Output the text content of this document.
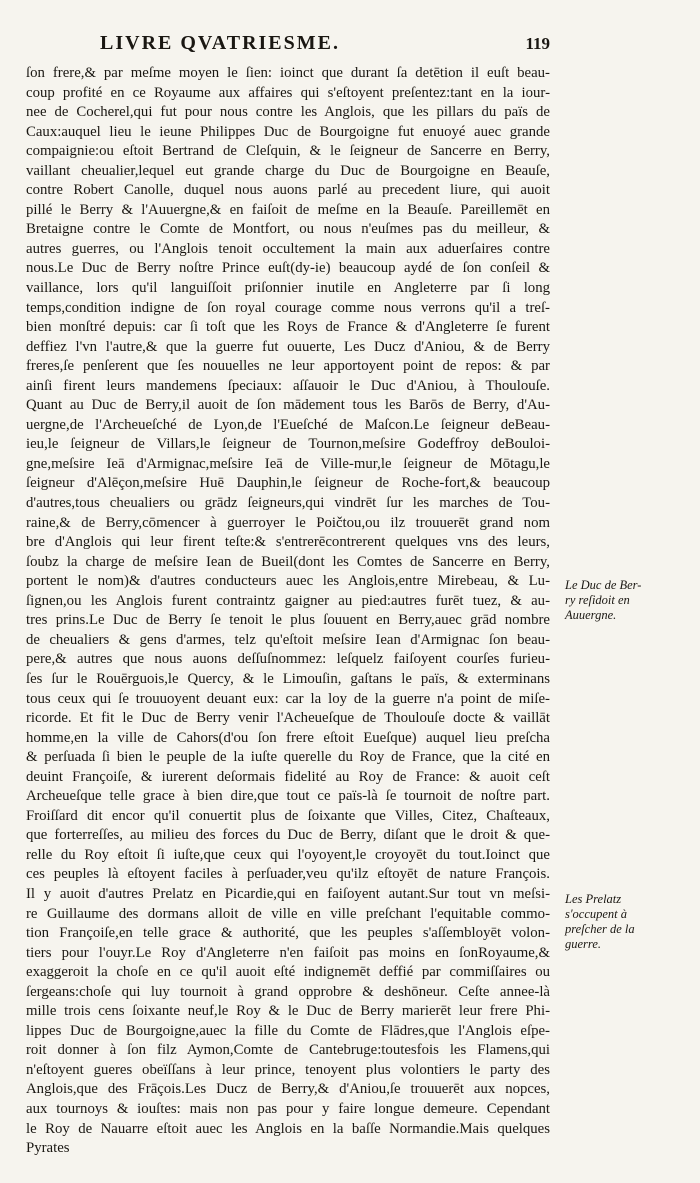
LIVRE QVATRIESME.	119
ſon frere,& par meſme moyen le ſien: ioinct que durant ſa detētion il euſt beau-
coup profité en ce Royaume aux affaires qui s'eſtoyent preſentez:tant en la iour-
nee de Cocherel,qui fut pour nous contre les Anglois, que les pillars du païs de
Caux:auquel lieu le ieune Philippes Duc de Bourgoigne fut enuoyé auec grande
compaignie:ou eſtoit Bertrand de Cleſquin, & le ſeigneur de Sancerre en Berry,
vaillant cheualier,lequel eut grande charge du Duc de Bourgoigne en Beauſe,
contre Robert Canolle, duquel nous auons parlé au precedent liure, qui auoit
pillé le Berry & l'Auuergne,& en faiſoit de meſme en la Beauſe. Pareillemēt en
Bretaigne contre le Comte de Montfort, ou nous n'euſmes pas du meilleur, &
autres guerres, ou l'Anglois tenoit occultement la main aux aduerſaires contre
nous.Le Duc de Berry noſtre Prince euſt(dy-ie) beaucoup aydé de ſon conſeil &
vaillance, lors qu'il languiſſoit priſonnier inutile en Angleterre par ſi long
temps,condition indigne de ſon royal courage comme nous verrons qu'il a treſ-
bien monſtré depuis: car ſi toſt que les Roys de France & d'Angleterre ſe furent
deffiez l'vn l'autre,& que la guerre fut ouuerte, Les Ducz d'Aniou, & de Berry
freres,ſe penſerent que ſes nouuelles ne leur apportoyent point de repos: & par
ainſi firent leurs mandemens ſpeciaux: aſſauoir le Duc d'Aniou, à Thoulouſe.
Quant au Duc de Berry,il auoit de ſon mādement tous les Barōs de Berry, d'Au-
uergne,de l'Archeueſché de Lyon,de l'Eueſché de Maſcon.Le ſeigneur deBeau-
ieu,le ſeigneur de Villars,le ſeigneur de Tournon,meſsire Godeffroy deBouloi-
gne,meſsire Ieā d'Armignac,meſsire Ieā de Ville-mur,le ſeigneur de Mōtagu,le
ſeigneur d'Alēçon,meſsire Huē Dauphin,le ſeigneur de Roche-fort,& beaucoup
d'autres,tous cheualiers ou grādz ſeigneurs,qui vindrēt ſur les marches de Tou-
raine,& de Berry,cōmencer à guerroyer le Poičtou,ou ilz trouuerēt grand nom
bre d'Anglois qui leur firent teſte:& s'entrerēcontrerent quelques vns des leurs,
ſoubz la charge de meſsire Iean de Bueil(dont les Comtes de Sancerre en Berry,
portent le nom)& d'autres conducteurs auec les Anglois,entre Mirebeau, & Lu-
ſignen,ou les Anglois furent contraintz gaigner au pied:autres furēt tuez, & au-
tres prins.Le Duc de Berry ſe tenoit le plus ſouuent en Berry,auec grād nombre
de cheualiers & gens d'armes, telz qu'eſtoit meſsire Iean d'Armignac ſon beau-
pere,& autres que nous auons deſſuſnommez: leſquelz faiſoyent courſes furieu-
ſes ſur le Rouērguois,le Quercy, & le Limouſin, gaſtans le païs, & exterminans
tous ceux qui ſe trouuoyent deuant eux: car la loy de la guerre n'a point de miſe-
ricorde. Et fit le Duc de Berry venir l'Acheueſque de Thoulouſe docte & vaillāt
homme,en la ville de Cahors(d'ou ſon frere eſtoit Eueſque) auquel lieu preſcha
& perſuada ſi bien le peuple de la iuſte querelle du Roy de France, que la cité en
deuint Françoiſe, & iurerent deſormais fidelité au Roy de France: & auoit ceſt
Archeueſque telle grace à bien dire,que tout ce païs-là ſe tournoit de noſtre part.
Froiſſard dit encor qu'il conuertit plus de ſoixante que Villes, Citez, Chaſteaux,
que forterreſſes, au milieu des forces du Duc de Berry, diſant que le droit & que-
relle du Roy eſtoit ſi iuſte,que ceux qui l'oyoyent,le croyoyēt du tout.Ioinct que
ces peuples là eſtoyent faciles à perſuader,veu qu'ilz eſtoyēt de nature François.
Il y auoit d'autres Prelatz en Picardie,qui en faiſoyent autant.Sur tout vn meſsi-
re Guillaume des dormans alloit de ville en ville preſchant l'equitable commo-
tion Françoiſe,en telle grace & authorité, que les peuples s'aſſembloyēt volon-
tiers pour l'ouyr.Le Roy d'Angleterre n'en faiſoit pas moins en ſonRoyaume,&
exaggeroit la choſe en ce qu'il auoit eſté indignemēt deffié par commiſſaires ou
ſergeans:choſe qui luy tournoit à grand opprobre & deshōneur. Ceſte annee-là
mille trois cens ſoixante neuf,le Roy & le Duc de Berry marierēt leur frere Phi-
lippes Duc de Bourgoigne,auec la fille du Comte de Flādres,que l'Anglois eſpe-
roit donner à ſon filz Aymon,Comte de Cantebruge:toutesfois les Flamens,qui
n'eſtoyent gueres obeïſſans à leur prince, tenoyent plus volontiers le party des
Anglois,que des Frāçois.Les Ducz de Berry,& d'Aniou,ſe trouuerēt aux nopces,
aux tournoys & iouſtes: mais non pas pour y faire longue demeure. Cependant
le Roy de Nauarre eſtoit auec les Anglois en la baſſe Normandie.Mais quelques
Pyrates
Le Duc de Ber-
ry reſidoit en
Auuergne.
Les Prelatz
s'occupent à
preſcher de la
guerre.
